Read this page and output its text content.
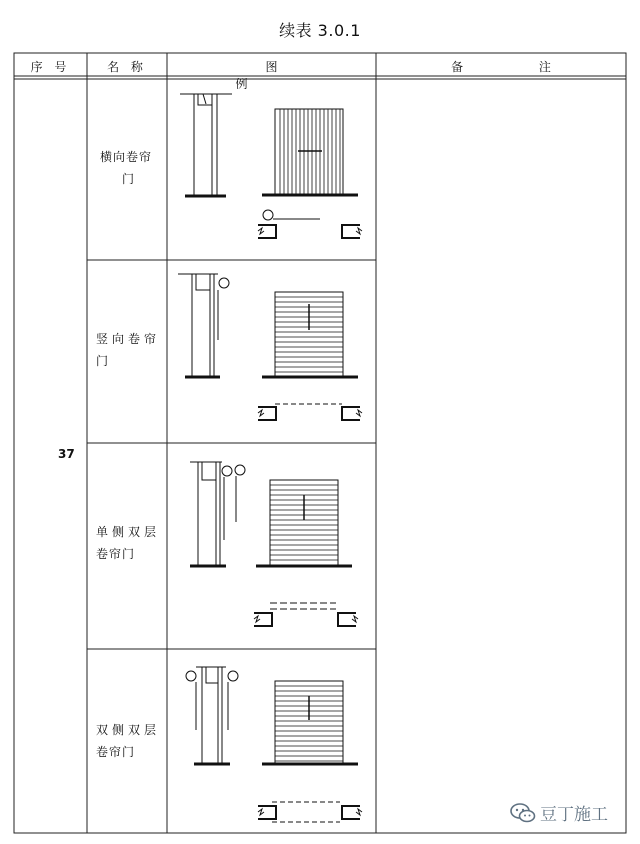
续表 3.0.1
序 号	名 称	图 例
备 注
37
横向卷帘
门
竖向卷帘
门
单侧双层
卷帘门
双侧双层
卷帘门
豆丁施工
